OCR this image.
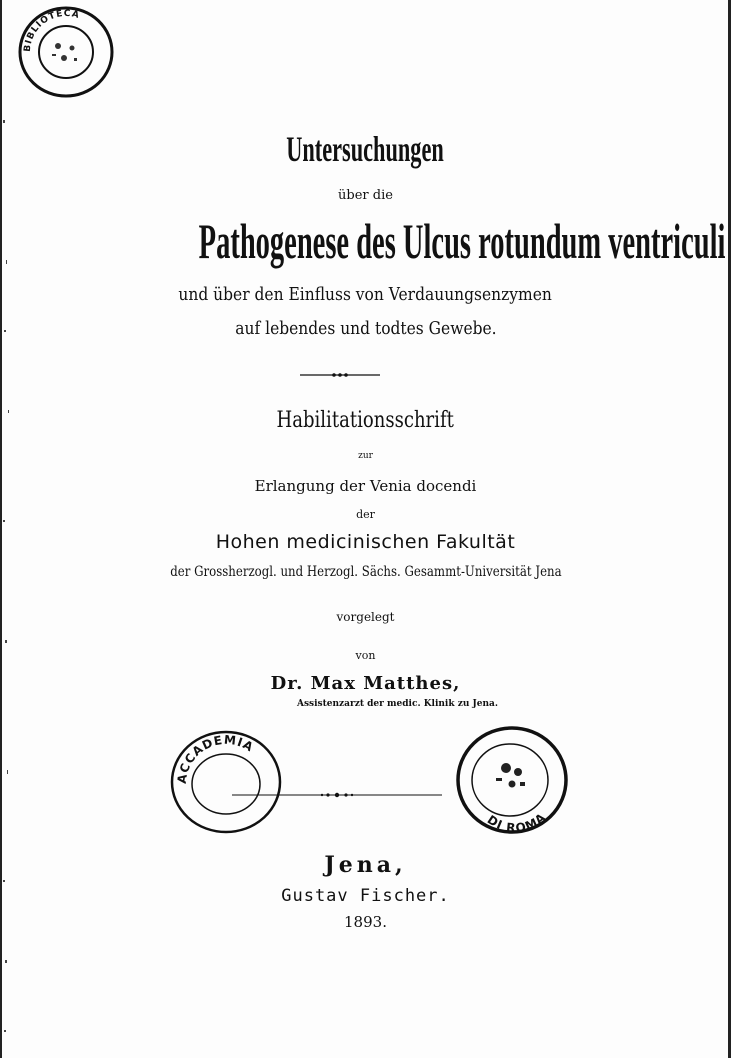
BIBLIOTECA
Untersuchungen
über die
Pathogenese des Ulcus rotundum ventriculi
und über den Einfluss von Verdauungsenzymen
auf lebendes und todtes Gewebe.
Habilitationsschrift
zur
Erlangung der Venia docendi
der
Hohen medicinischen Fakultät
der Grossherzogl. und Herzogl. Sächs. Gesammt-Universität Jena
vorgelegt
von
Dr. Max Matthes,
Assistenzarzt der medic. Klinik zu Jena.
ACCADEMIA
DI ROMA
Jena,
Gustav Fischer.
1893.
